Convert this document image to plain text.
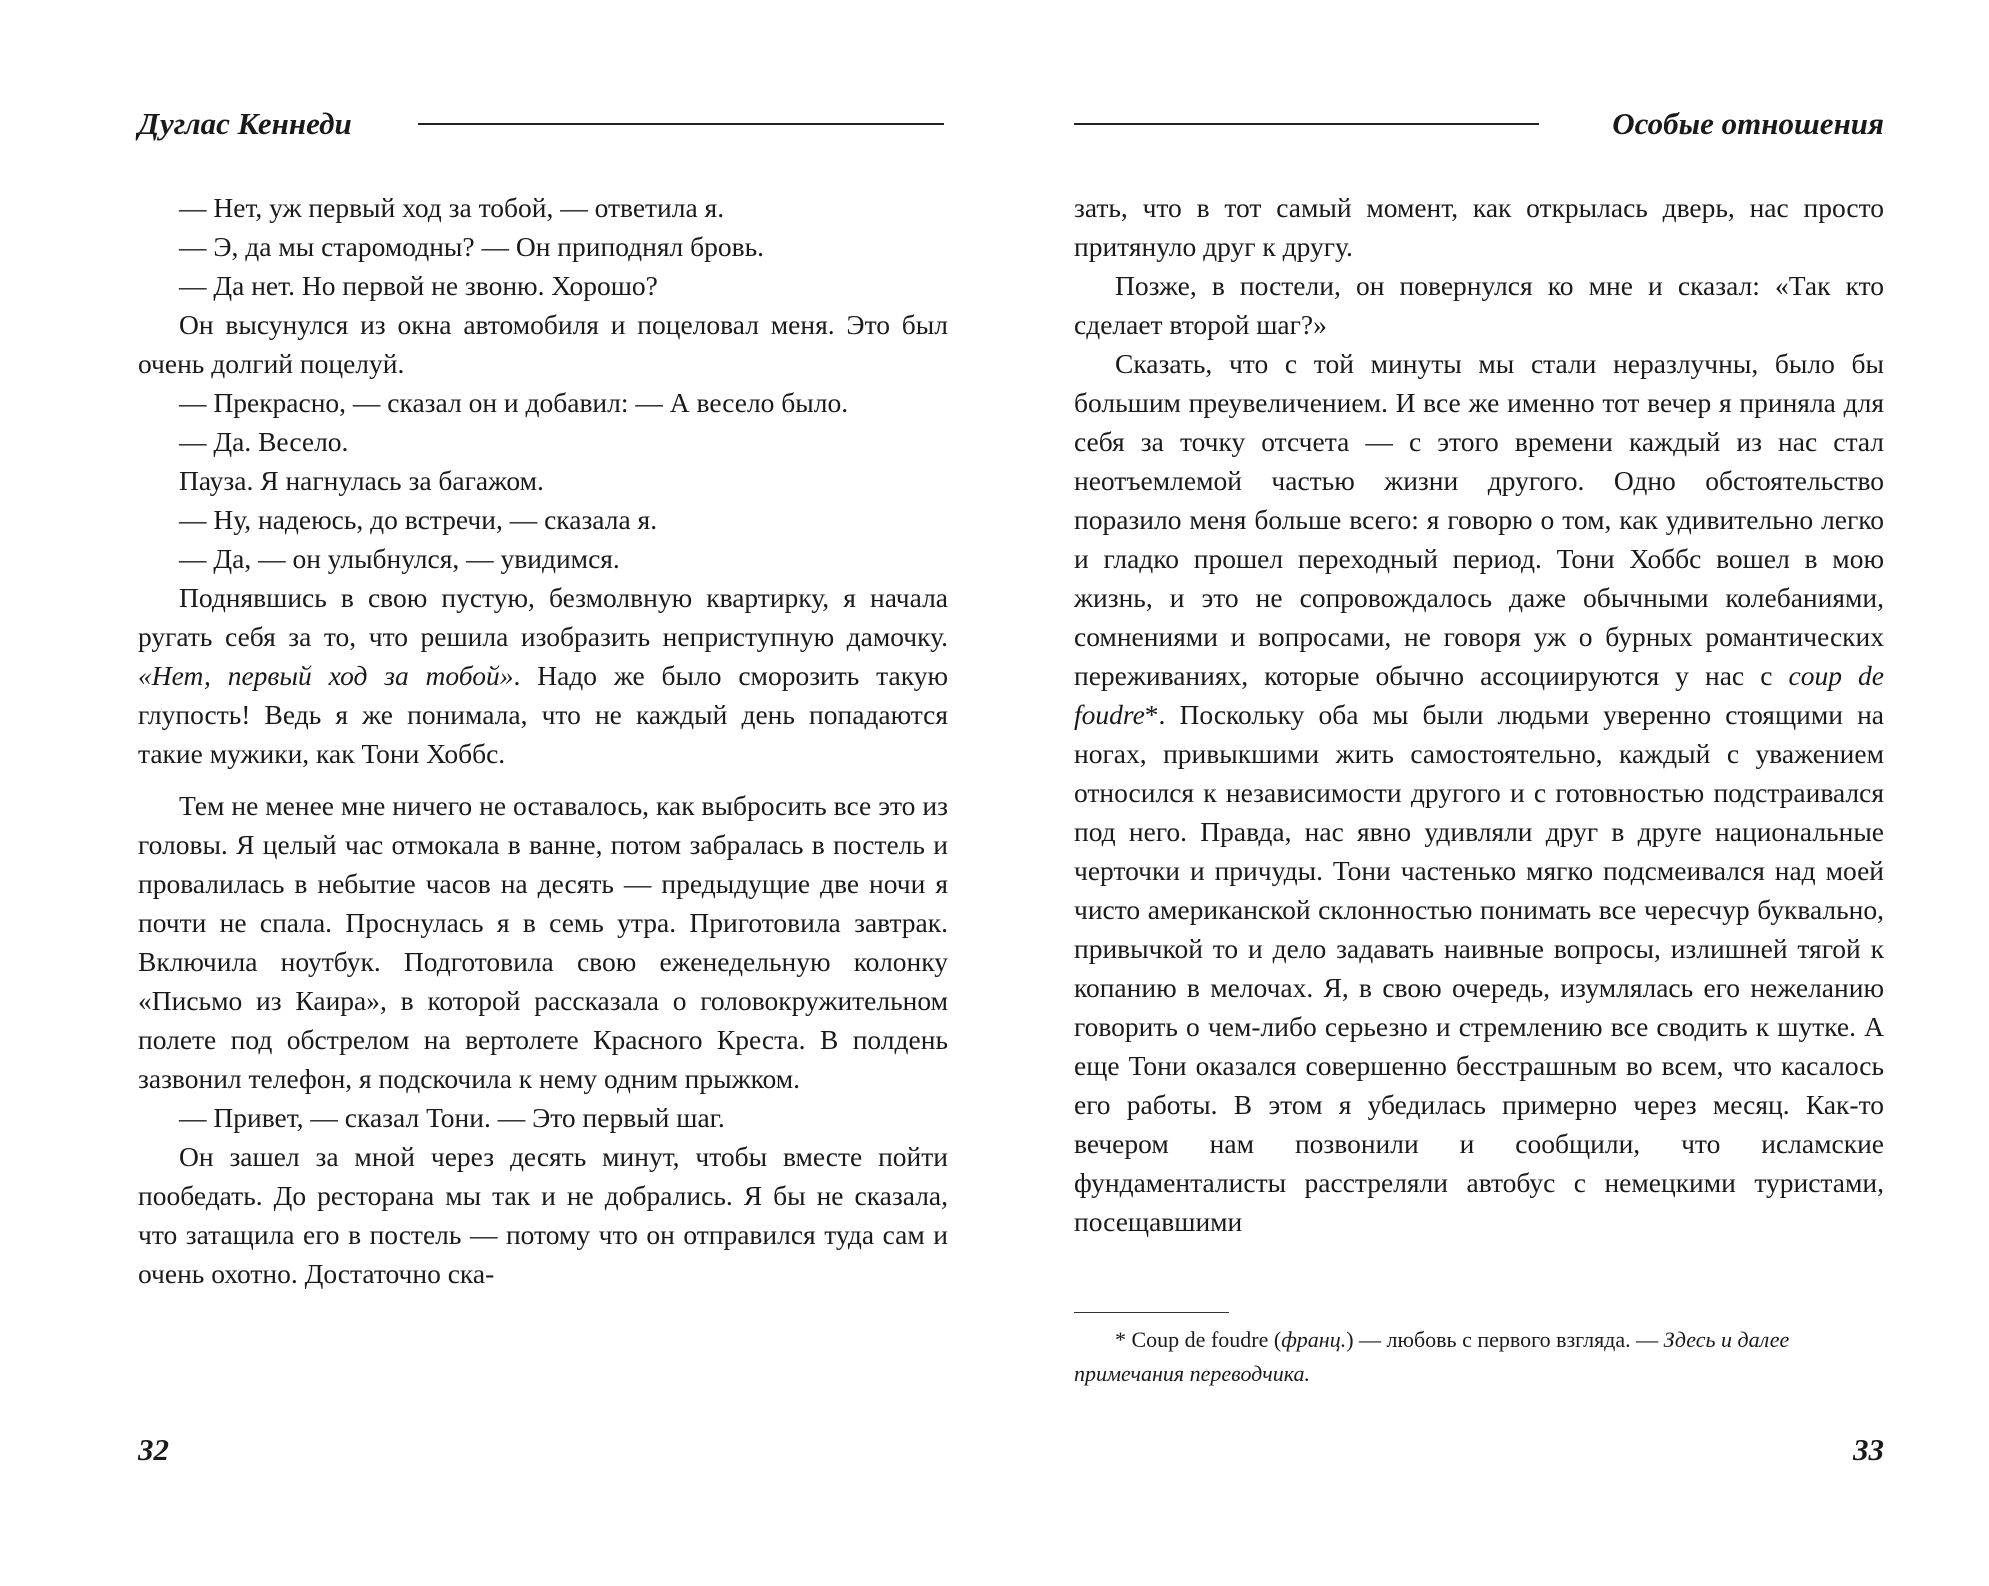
Дуглас Кеннеди

— Нет, уж первый ход за тобой, — ответила я.

— Э, да мы старомодны? — Он приподнял бровь.

— Да нет. Но первой не звоню. Хорошо?

Он высунулся из окна автомобиля и поцеловал меня. Это был очень долгий поцелуй.

— Прекрасно, — сказал он и добавил: — А весело было.

— Да. Весело.

Пауза. Я нагнулась за багажом.

— Ну, надеюсь, до встречи, — сказала я.

— Да, — он улыбнулся, — увидимся.

Поднявшись в свою пустую, безмолвную квартирку, я начала ругать себя за то, что решила изобразить неприступную дамочку. «Нет, первый ход за тобой». Надо же было сморозить такую глупость! Ведь я же понимала, что не каждый день попадаются такие мужики, как Тони Хоббс.

Тем не менее мне ничего не оставалось, как выбросить все это из головы. Я целый час отмокала в ванне, потом забралась в постель и провалилась в небытие часов на десять — предыдущие две ночи я почти не спала. Проснулась я в семь утра. Приготовила завтрак. Включила ноутбук. Подготовила свою еженедельную колонку «Письмо из Каира», в которой рассказала о головокружительном полете под обстрелом на вертолете Красного Креста. В полдень зазвонил телефон, я подскочила к нему одним прыжком.

— Привет, — сказал Тони. — Это первый шаг.

Он зашел за мной через десять минут, чтобы вместе пойти пообедать. До ресторана мы так и не добрались. Я бы не сказала, что затащила его в постель — потому что он отправился туда сам и очень охотно. Достаточно ска-

32
Особые отношения

зать, что в тот самый момент, как открылась дверь, нас просто притянуло друг к другу.

Позже, в постели, он повернулся ко мне и сказал: «Так кто сделает второй шаг?»

Сказать, что с той минуты мы стали неразлучны, было бы большим преувеличением. И все же именно тот вечер я приняла для себя за точку отсчета — с этого времени каждый из нас стал неотъемлемой частью жизни другого. Одно обстоятельство поразило меня больше всего: я говорю о том, как удивительно легко и гладко прошел переходный период. Тони Хоббс вошел в мою жизнь, и это не сопровождалось даже обычными колебаниями, сомнениями и вопросами, не говоря уж о бурных романтических переживаниях, которые обычно ассоциируются у нас с coup de foudre*. Поскольку оба мы были людьми уверенно стоящими на ногах, привыкшими жить самостоятельно, каждый с уважением относился к независимости другого и с готовностью подстраивался под него. Правда, нас явно удивляли друг в друге национальные черточки и причуды. Тони частенько мягко подсмеивался над моей чисто американской склонностью понимать все чересчур буквально, привычкой то и дело задавать наивные вопросы, излишней тягой к копанию в мелочах. Я, в свою очередь, изумлялась его нежеланию говорить о чем-либо серьезно и стремлению все сводить к шутке. А еще Тони оказался совершенно бесстрашным во всем, что касалось его работы. В этом я убедилась примерно через месяц. Как-то вечером нам позвонили и сообщили, что исламские фундаменталисты расстреляли автобус с немецкими туристами, посещавшими

* Coup de foudre (франц.) — любовь с первого взгляда. — Здесь и далее примечания переводчика.
33
